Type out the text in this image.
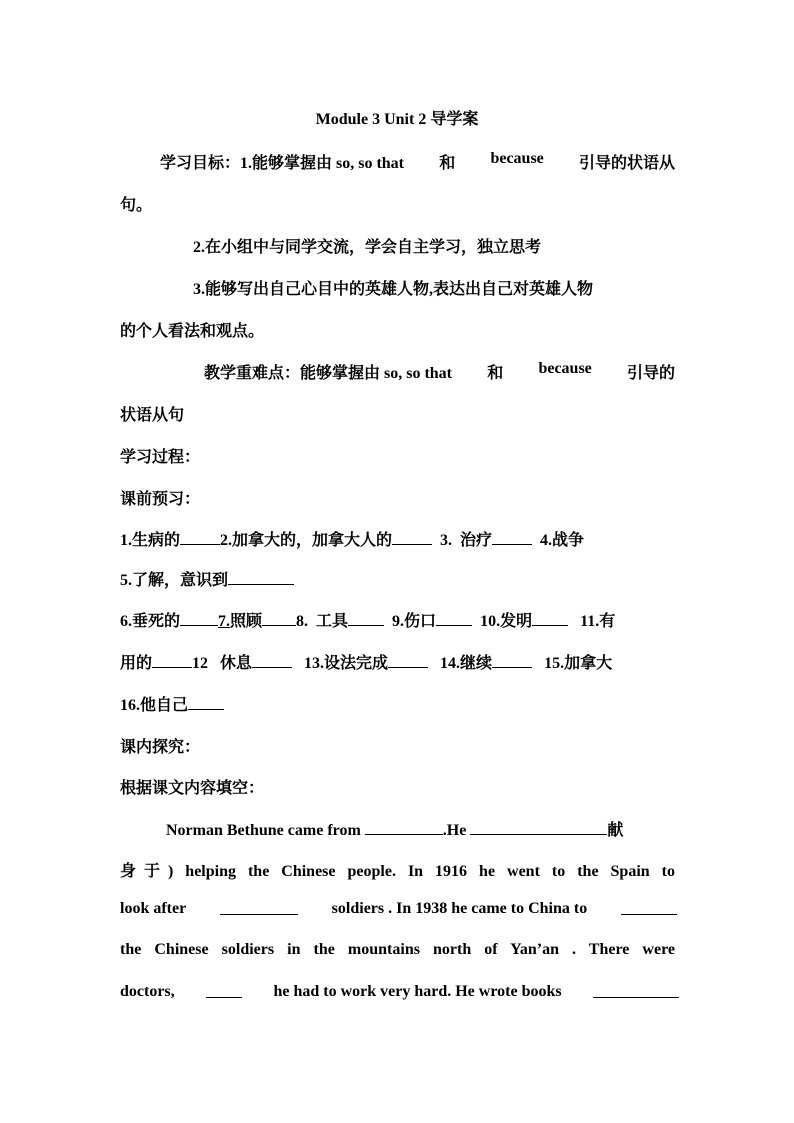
Module 3 Unit 2 导学案
学习目标：1.能够掌握由 so, so that 和 because 引导的状语从
句。
2.在小组中与同学交流，学会自主学习，独立思考
3.能够写出自己心目中的英雄人物,表达出自己对英雄人物
的个人看法和观点。
教学重难点：能够掌握由 so, so that 和 because 引导的
状语从句
学习过程：
课前预习：
1.生病的	2.加拿大的，加拿大人的	3. 治疗	4.战争
5.了解，意识到
6.垂死的 7.照顾 8. 工具	9.伤口	10.发明	11.有
用的	12 休息	13.设法完成	14.继续	15.加拿大
16.他自己
课内探究：
根据课文内容填空：
Norman Bethune came from	.He	献
身于) helping the Chinese people. In 1916 he went to the Spain to
look after	soldiers . In 1938 he came to China to
the Chinese soldiers in the mountains north of Yan’an . There were
doctors,	he had to work very hard. He wrote books
